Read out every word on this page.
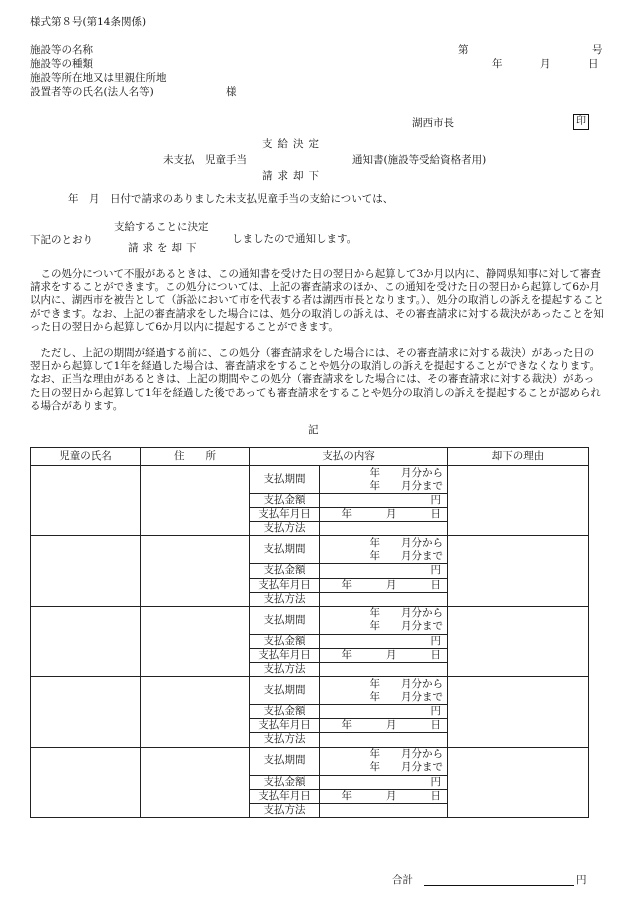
様式第８号(第14条関係)
施設等の名称
施設等の種類
施設等所在地又は里親住所地
設置者等の氏名(法人名等)	様
第	号
年	月	日
湖西市長	印
支給決定
未支払　児童手当	通知書(施設等受給資格者用)
請求却下
年　月　日付で請求のありました未支払児童手当の支給については、
支給することに決定
下記のとおり
請求を却下
しましたので通知します。
この処分について不服があるときは、この通知書を受けた日の翌日から起算して3か月以内に、静岡県知事に対して審査請求をすることができます。この処分については、上記の審査請求のほか、この通知を受けた日の翌日から起算して6か月以内に、湖西市を被告として（訴訟において市を代表する者は湖西市長となります。）、処分の取消しの訴えを提起することができます。なお、上記の審査請求をした場合には、処分の取消しの訴えは、その審査請求に対する裁決があったことを知った日の翌日から起算して6か月以内に提起することができます。
ただし、上記の期間が経過する前に、この処分（審査請求をした場合には、その審査請求に対する裁決）があった日の翌日から起算して1年を経過した場合は、審査請求をすることや処分の取消しの訴えを提起することができなくなります。なお、正当な理由があるときは、上記の期間やこの処分（審査請求をした場合には、その審査請求に対する裁決）があった日の翌日から起算して1年を経過した後であっても審査請求をすることや処分の取消しの訴えを提起することが認められる場合があります。
記
児童の氏名	住　　所	支払の内容		却下の理由
		支払期間	年　　月分から
年　　月分まで	

		支払金額	円	
		支払年月日	年 月 日	

		支払方法		
		支払期間	年　　月分から
年　　月分まで	

		支払金額	円	
		支払年月日	年 月 日	

		支払方法		
		支払期間	年　　月分から
年　　月分まで	

		支払金額	円	
		支払年月日	年 月 日	

		支払方法		
		支払期間	年　　月分から
年　　月分まで	

		支払金額	円	
		支払年月日	年 月 日	

		支払方法		
		支払期間	年　　月分から
年　　月分まで	

		支払金額	円	
		支払年月日	年 月 日	

		支払方法		
合計	円
